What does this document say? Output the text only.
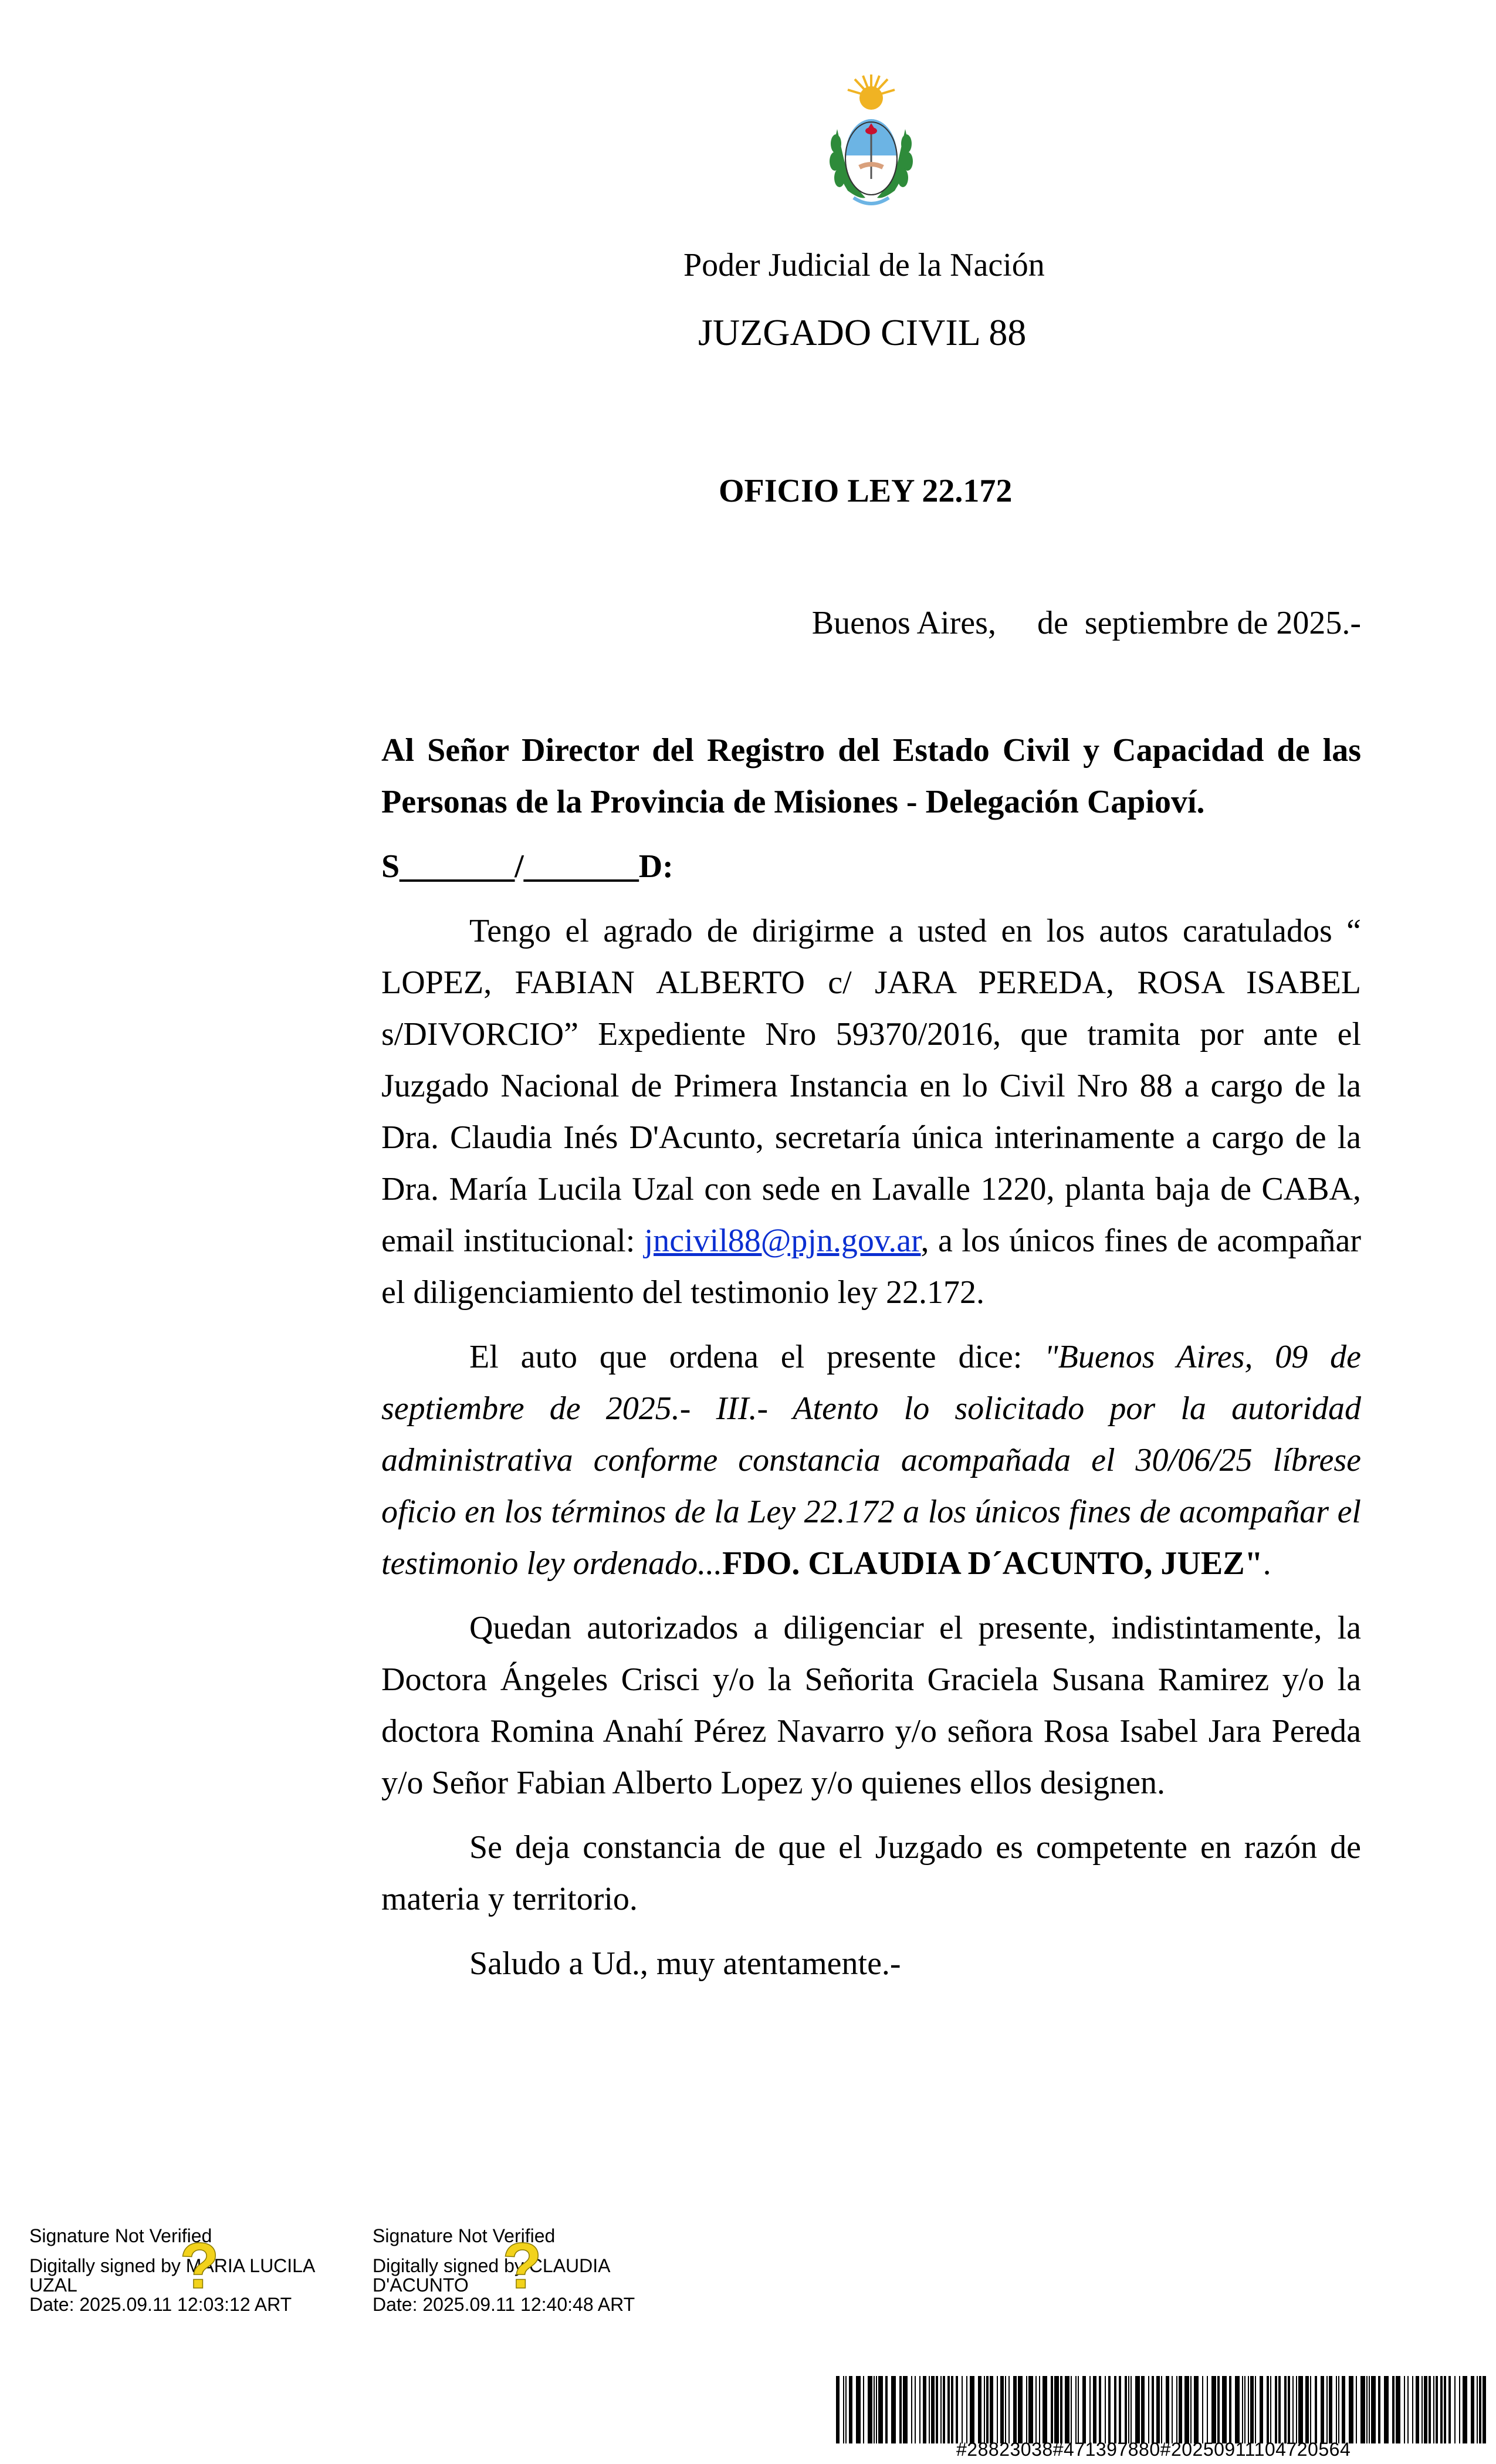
Poder Judicial de la Nación
JUZGADO CIVIL 88
OFICIO LEY 22.172
Buenos Aires,     de  septiembre de 2025.-

Al Señor Director del Registro del Estado Civil y Capacidad de las Personas de la Provincia de Misiones - Delegación Capioví.

S_______/_______D:

Tengo el agrado de dirigirme a usted en los autos caratulados “ LOPEZ, FABIAN ALBERTO c/ JARA PEREDA, ROSA ISABEL s/DIVORCIO” Expediente Nro 59370/2016, que tramita por ante el Juzgado Nacional de Primera Instancia en lo Civil Nro 88 a cargo de la Dra. Claudia Inés D'Acunto, secretaría única interinamente a cargo de la Dra. María Lucila Uzal con sede en Lavalle 1220, planta baja de CABA, email institucional: jncivil88@pjn.gov.ar, a los únicos fines de acompañar el diligenciamiento del testimonio ley 22.172.

El auto que ordena el presente dice: "Buenos Aires, 09 de septiembre de 2025.- III.- Atento lo solicitado por la autoridad administrativa conforme constancia acompañada el 30/06/25 líbrese oficio en los términos de la Ley 22.172 a los únicos fines de acompañar el testimonio ley ordenado...FDO. CLAUDIA D´ACUNTO, JUEZ".

Quedan autorizados a diligenciar el presente, indistintamente, la Doctora Ángeles Crisci y/o la Señorita Graciela Susana Ramirez y/o la doctora Romina Anahí Pérez Navarro y/o señora Rosa Isabel Jara Pereda y/o Señor Fabian Alberto Lopez y/o quienes ellos designen.

Se deja constancia de que el Juzgado es competente en razón de materia y territorio.

Saludo a Ud., muy atentamente.-

?
Signature Not Verified
Digitally signed by MARIA LUCILA
UZAL
Date: 2025.09.11 12:03:12 ART
?
Signature Not Verified
Digitally signed by CLAUDIA
D'ACUNTO
Date: 2025.09.11 12:40:48 ART
#28823038#471397880#20250911104720564
